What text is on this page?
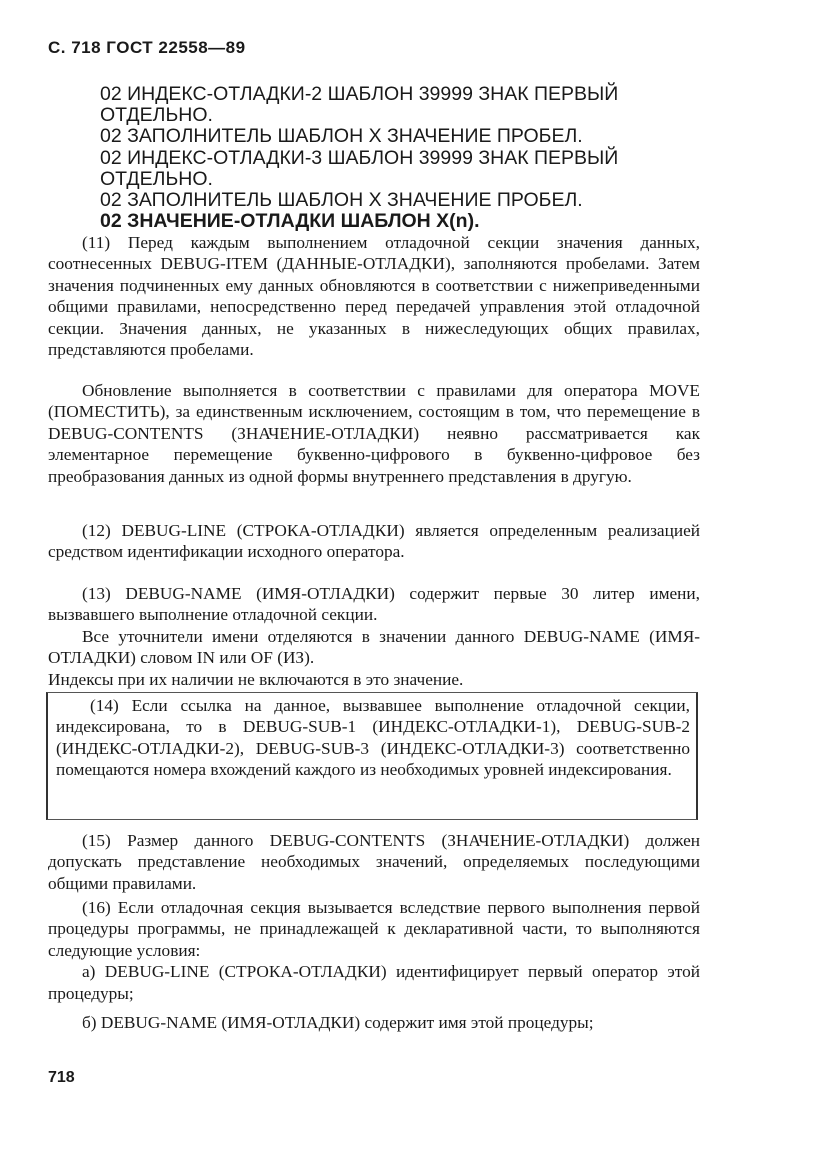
С. 718 ГОСТ 22558—89

02 ИНДЕКС-ОТЛАДКИ-2 ШАБЛОН 39999 ЗНАК ПЕРВЫЙ

ОТДЕЛЬНО.

02 ЗАПОЛНИТЕЛЬ ШАБЛОН X ЗНАЧЕНИЕ ПРОБЕЛ.

02 ИНДЕКС-ОТЛАДКИ-3 ШАБЛОН 39999 ЗНАК ПЕРВЫЙ

ОТДЕЛЬНО.

02 ЗАПОЛНИТЕЛЬ ШАБЛОН X ЗНАЧЕНИЕ ПРОБЕЛ.

02 ЗНАЧЕНИЕ-ОТЛАДКИ ШАБЛОН X(n).

(11) Перед каждым выполнением отладочной секции значения данных, соотнесенных DEBUG-ITEM (ДАННЫЕ-ОТЛАДКИ), заполняются пробелами. Затем значения подчиненных ему данных обновляются в соответствии с нижеприведенными общими правилами, непосредственно перед передачей управления этой отладочной секции. Значения данных, не указанных в нижеследующих общих правилах, представляются пробелами.

Обновление выполняется в соответствии с правилами для оператора MOVE (ПОМЕСТИТЬ), за единственным исключением, состоящим в том, что перемещение в DEBUG-CONTENTS (ЗНАЧЕНИЕ-ОТЛАДКИ) неявно рассматривается как элементарное перемещение буквенно-цифрового в буквенно-цифровое без преобразования данных из одной формы внутреннего представления в другую.

(12) DEBUG-LINE (СТРОКА-ОТЛАДКИ) является определенным реализацией средством идентификации исходного оператора.

(13) DEBUG-NAME (ИМЯ-ОТЛАДКИ) содержит первые 30 литер имени, вызвавшего выполнение отладочной секции.

Все уточнители имени отделяются в значении данного DEBUG-NAME (ИМЯ-ОТЛАДКИ) словом IN или OF (ИЗ).

Индексы при их наличии не включаются в это значение.

(14) Если ссылка на данное, вызвавшее выполнение отладочной секции, индексирована, то в DEBUG-SUB-1 (ИНДЕКС-ОТЛАДКИ-1), DEBUG-SUB-2 (ИНДЕКС-ОТЛАДКИ-2), DEBUG-SUB-3 (ИНДЕКС-ОТЛАДКИ-3) соответственно помещаются номера вхождений каждого из необходимых уровней индексирования.

(15) Размер данного DEBUG-CONTENTS (ЗНАЧЕНИЕ-ОТЛАДКИ) должен допускать представление необходимых значений, определяемых последующими общими правилами.

(16) Если отладочная секция вызывается вследствие первого выполнения первой процедуры программы, не принадлежащей к декларативной части, то выполняются следующие условия:

а) DEBUG-LINE (СТРОКА-ОТЛАДКИ) идентифицирует первый оператор этой процедуры;

б) DEBUG-NAME (ИМЯ-ОТЛАДКИ) содержит имя этой процедуры;

718
